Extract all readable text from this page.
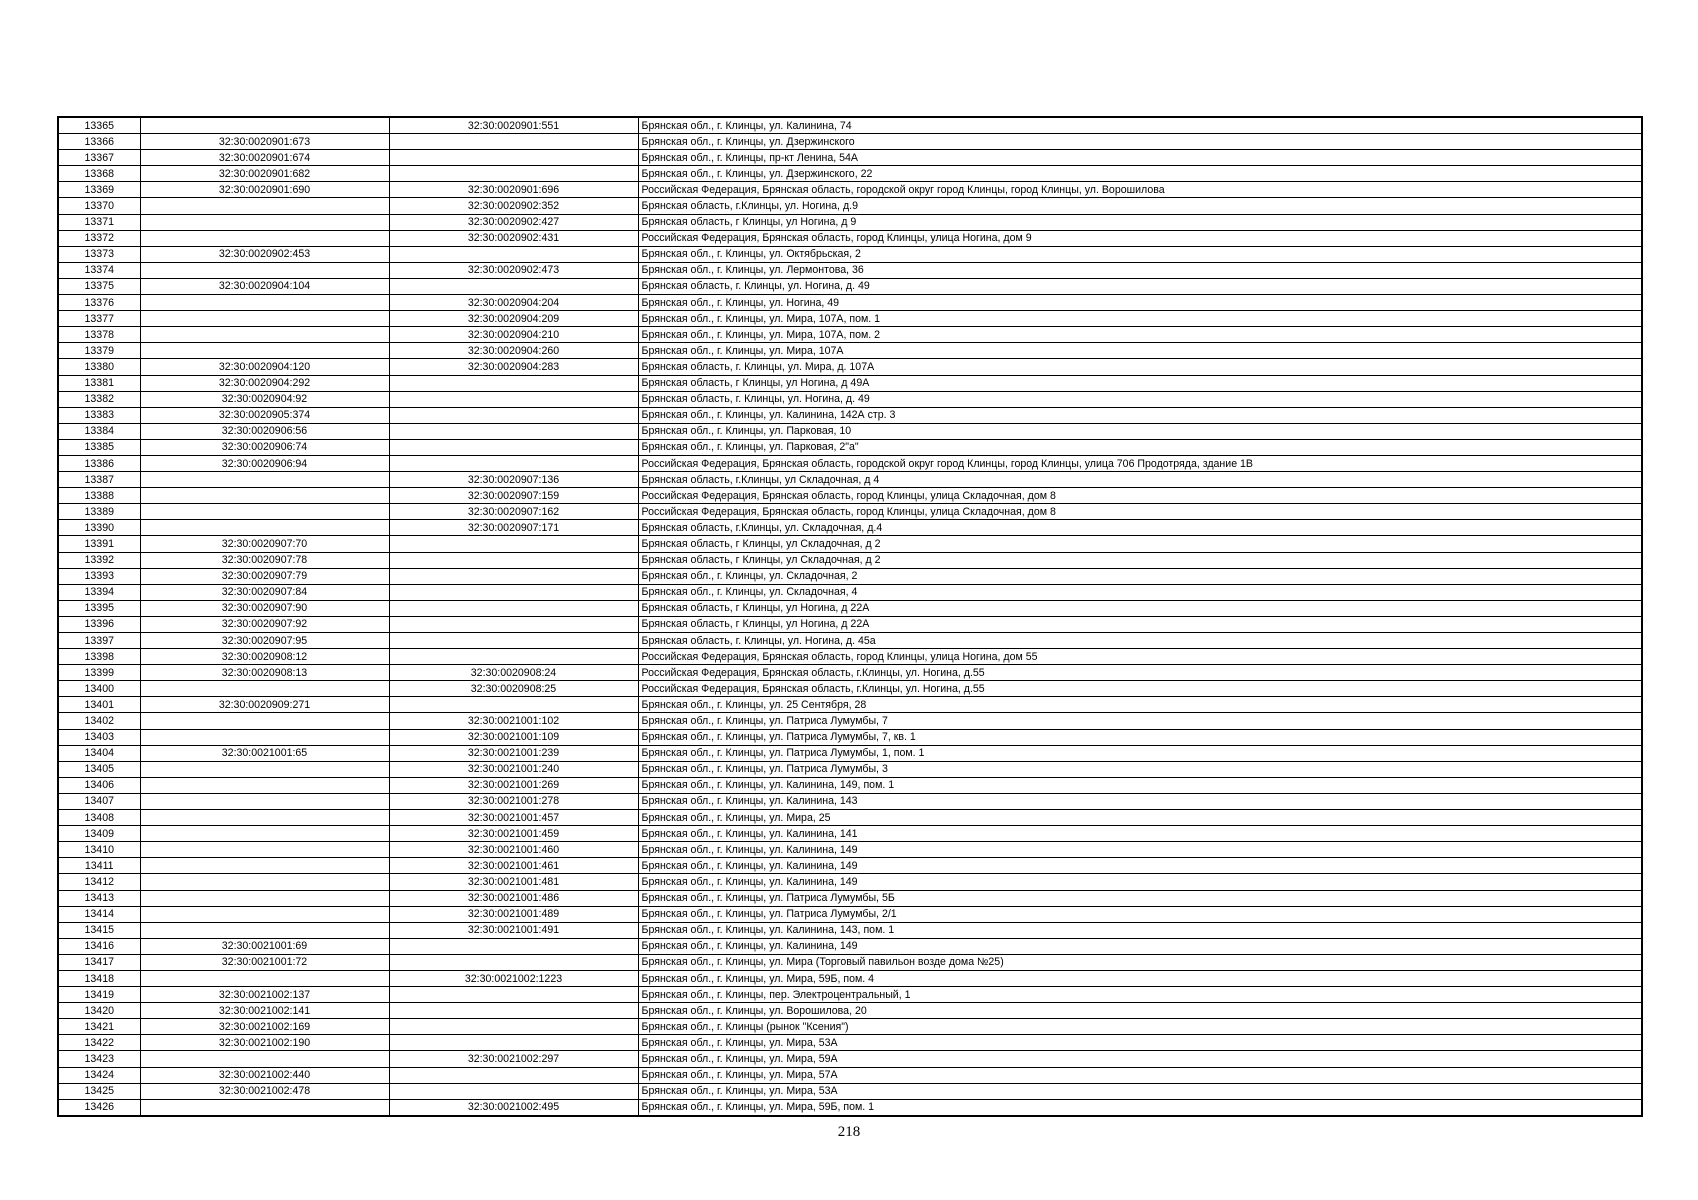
13365		32:30:0020901:551	Брянская обл., г. Клинцы, ул. Калинина, 74
13366	32:30:0020901:673		Брянская обл., г. Клинцы, ул. Дзержинского
13367	32:30:0020901:674		Брянская обл., г. Клинцы, пр-кт Ленина, 54А
13368	32:30:0020901:682		Брянская обл., г. Клинцы, ул. Дзержинского, 22
13369	32:30:0020901:690	32:30:0020901:696	Российская Федерация, Брянская область, городской округ город Клинцы, город Клинцы, ул. Ворошилова
13370		32:30:0020902:352	Брянская область, г.Клинцы, ул. Ногина, д.9
13371		32:30:0020902:427	Брянская область, г Клинцы, ул Ногина, д 9
13372		32:30:0020902:431	Российская Федерация, Брянская область, город Клинцы, улица Ногина, дом 9
13373	32:30:0020902:453		Брянская обл., г. Клинцы, ул. Октябрьская, 2
13374		32:30:0020902:473	Брянская обл., г. Клинцы, ул. Лермонтова, 36
13375	32:30:0020904:104		Брянская область, г. Клинцы, ул. Ногина, д. 49
13376		32:30:0020904:204	Брянская обл., г. Клинцы, ул. Ногина, 49
13377		32:30:0020904:209	Брянская обл., г. Клинцы, ул. Мира, 107А, пом. 1
13378		32:30:0020904:210	Брянская обл., г. Клинцы, ул. Мира, 107А, пом. 2
13379		32:30:0020904:260	Брянская обл., г. Клинцы, ул. Мира, 107А
13380	32:30:0020904:120	32:30:0020904:283	Брянская область, г. Клинцы, ул. Мира, д. 107А
13381	32:30:0020904:292		Брянская область, г Клинцы, ул Ногина, д 49А
13382	32:30:0020904:92		Брянская область, г. Клинцы, ул. Ногина, д. 49
13383	32:30:0020905:374		Брянская обл., г. Клинцы, ул. Калинина, 142А стр. 3
13384	32:30:0020906:56		Брянская обл., г. Клинцы, ул. Парковая, 10
13385	32:30:0020906:74		Брянская обл., г. Клинцы, ул. Парковая, 2"а"
13386	32:30:0020906:94		Российская Федерация, Брянская область, городской округ город Клинцы, город Клинцы, улица 706 Продотряда, здание 1В
13387		32:30:0020907:136	Брянская область, г.Клинцы, ул Складочная, д 4
13388		32:30:0020907:159	Российская Федерация, Брянская область, город Клинцы, улица Складочная, дом 8
13389		32:30:0020907:162	Российская Федерация, Брянская область, город Клинцы, улица Складочная, дом 8
13390		32:30:0020907:171	Брянская область, г.Клинцы, ул. Складочная, д.4
13391	32:30:0020907:70		Брянская область, г Клинцы, ул Складочная, д 2
13392	32:30:0020907:78		Брянская область, г Клинцы, ул Складочная, д 2
13393	32:30:0020907:79		Брянская обл., г. Клинцы, ул. Складочная, 2
13394	32:30:0020907:84		Брянская обл., г. Клинцы, ул. Складочная, 4
13395	32:30:0020907:90		Брянская область, г Клинцы, ул Ногина, д 22А
13396	32:30:0020907:92		Брянская область, г Клинцы, ул Ногина, д 22А
13397	32:30:0020907:95		Брянская область, г. Клинцы, ул. Ногина, д. 45а
13398	32:30:0020908:12		Российская Федерация, Брянская область, город Клинцы, улица Ногина, дом 55
13399	32:30:0020908:13	32:30:0020908:24	Российская Федерация, Брянская область, г.Клинцы, ул. Ногина, д.55
13400		32:30:0020908:25	Российская Федерация, Брянская область, г.Клинцы, ул. Ногина, д.55
13401	32:30:0020909:271		Брянская обл., г. Клинцы, ул. 25 Сентября, 28
13402		32:30:0021001:102	Брянская обл., г. Клинцы, ул. Патриса Лумумбы, 7
13403		32:30:0021001:109	Брянская обл., г. Клинцы, ул. Патриса Лумумбы, 7, кв. 1
13404	32:30:0021001:65	32:30:0021001:239	Брянская обл., г. Клинцы, ул. Патриса Лумумбы, 1, пом. 1
13405		32:30:0021001:240	Брянская обл., г. Клинцы, ул. Патриса Лумумбы, 3
13406		32:30:0021001:269	Брянская обл., г. Клинцы, ул. Калинина, 149, пом. 1
13407		32:30:0021001:278	Брянская обл., г. Клинцы, ул. Калинина, 143
13408		32:30:0021001:457	Брянская обл., г. Клинцы, ул. Мира, 25
13409		32:30:0021001:459	Брянская обл., г. Клинцы, ул. Калинина, 141
13410		32:30:0021001:460	Брянская обл., г. Клинцы, ул. Калинина, 149
13411		32:30:0021001:461	Брянская обл., г. Клинцы, ул. Калинина, 149
13412		32:30:0021001:481	Брянская обл., г. Клинцы, ул. Калинина, 149
13413		32:30:0021001:486	Брянская обл., г. Клинцы, ул. Патриса Лумумбы, 5Б
13414		32:30:0021001:489	Брянская обл., г. Клинцы, ул. Патриса Лумумбы, 2/1
13415		32:30:0021001:491	Брянская обл., г. Клинцы, ул. Калинина, 143, пом. 1
13416	32:30:0021001:69		Брянская обл., г. Клинцы, ул. Калинина, 149
13417	32:30:0021001:72		Брянская обл., г. Клинцы, ул. Мира (Торговый павильон возде дома №25)
13418		32:30:0021002:1223	Брянская обл., г. Клинцы, ул. Мира, 59Б, пом. 4
13419	32:30:0021002:137		Брянская обл., г. Клинцы, пер. Электроцентральный, 1
13420	32:30:0021002:141		Брянская обл., г. Клинцы, ул. Ворошилова, 20
13421	32:30:0021002:169		Брянская обл., г. Клинцы (рынок "Ксения")
13422	32:30:0021002:190		Брянская обл., г. Клинцы, ул. Мира, 53А
13423		32:30:0021002:297	Брянская обл., г. Клинцы, ул. Мира, 59А
13424	32:30:0021002:440		Брянская обл., г. Клинцы, ул. Мира, 57А
13425	32:30:0021002:478		Брянская обл., г. Клинцы, ул. Мира, 53А
13426		32:30:0021002:495	Брянская обл., г. Клинцы, ул. Мира, 59Б, пом. 1
218
